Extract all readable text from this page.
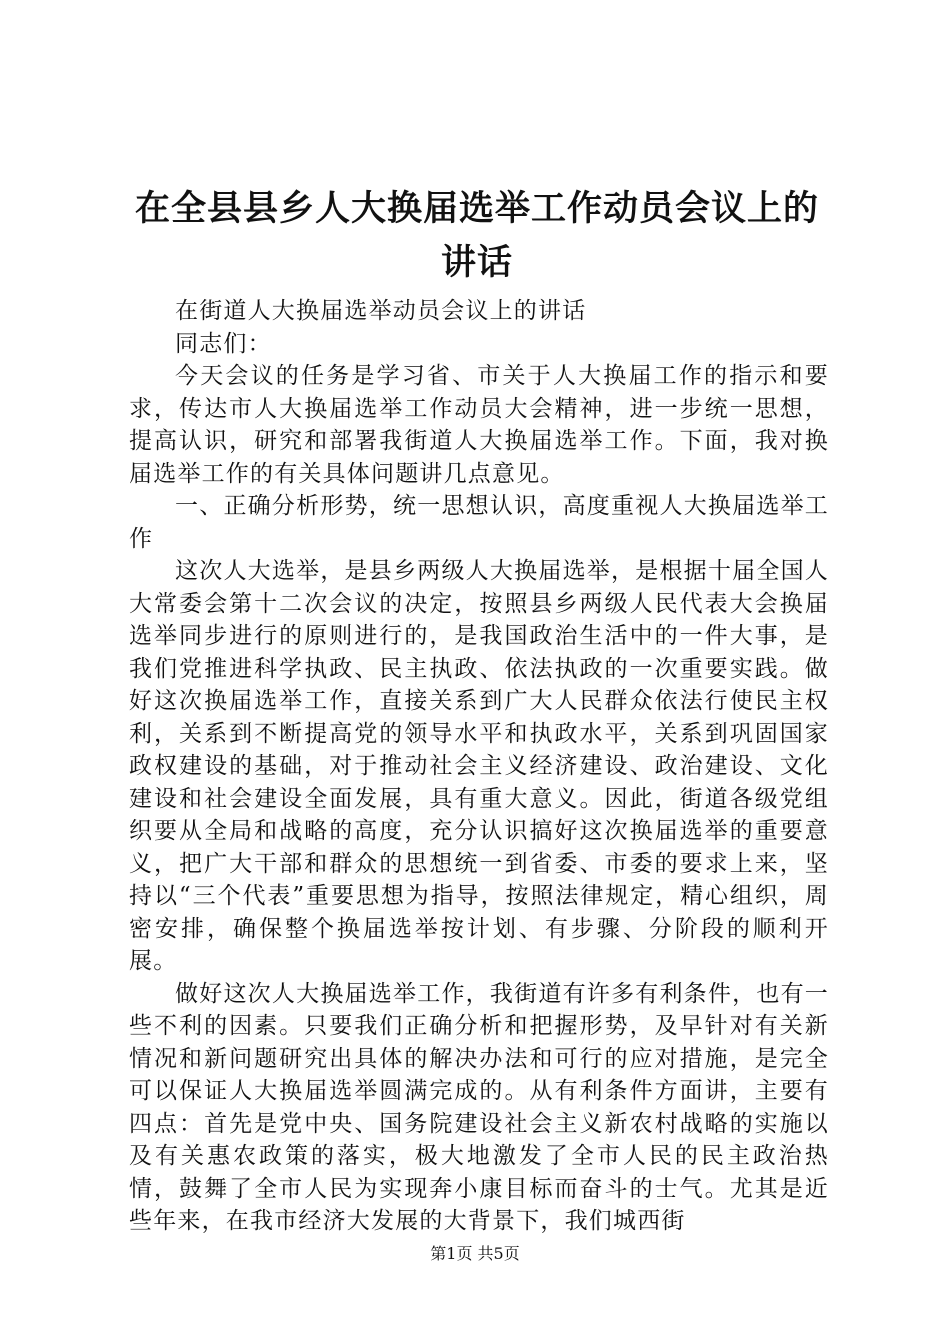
在全县县乡人大换届选举工作动员会议上的讲话

在街道人大换届选举动员会议上的讲话

同志们：

今天会议的任务是学习省、市关于人大换届工作的指示和要求，传达市人大换届选举工作动员大会精神，进一步统一思想，提高认识，研究和部署我街道人大换届选举工作。下面，我对换届选举工作的有关具体问题讲几点意见。

一、正确分析形势，统一思想认识，高度重视人大换届选举工作

这次人大选举，是县乡两级人大换届选举，是根据十届全国人大常委会第十二次会议的决定，按照县乡两级人民代表大会换届选举同步进行的原则进行的，是我国政治生活中的一件大事，是我们党推进科学执政、民主执政、依法执政的一次重要实践。做好这次换届选举工作，直接关系到广大人民群众依法行使民主权利，关系到不断提高党的领导水平和执政水平，关系到巩固国家政权建设的基础，对于推动社会主义经济建设、政治建设、文化建设和社会建设全面发展，具有重大意义。因此，街道各级党组织要从全局和战略的高度，充分认识搞好这次换届选举的重要意义，把广大干部和群众的思想统一到省委、市委的要求上来，坚持以“三个代表”重要思想为指导，按照法律规定，精心组织，周密安排，确保整个换届选举按计划、有步骤、分阶段的顺利开展。

做好这次人大换届选举工作，我街道有许多有利条件，也有一些不利的因素。只要我们正确分析和把握形势，及早针对有关新情况和新问题研究出具体的解决办法和可行的应对措施，是完全可以保证人大换届选举圆满完成的。从有利条件方面讲，主要有四点：首先是党中央、国务院建设社会主义新农村战略的实施以及有关惠农政策的落实，极大地激发了全市人民的民主政治热情，鼓舞了全市人民为实现奔小康目标而奋斗的士气。尤其是近些年来，在我市经济大发展的大背景下，我们城西街

第1页 共5页
